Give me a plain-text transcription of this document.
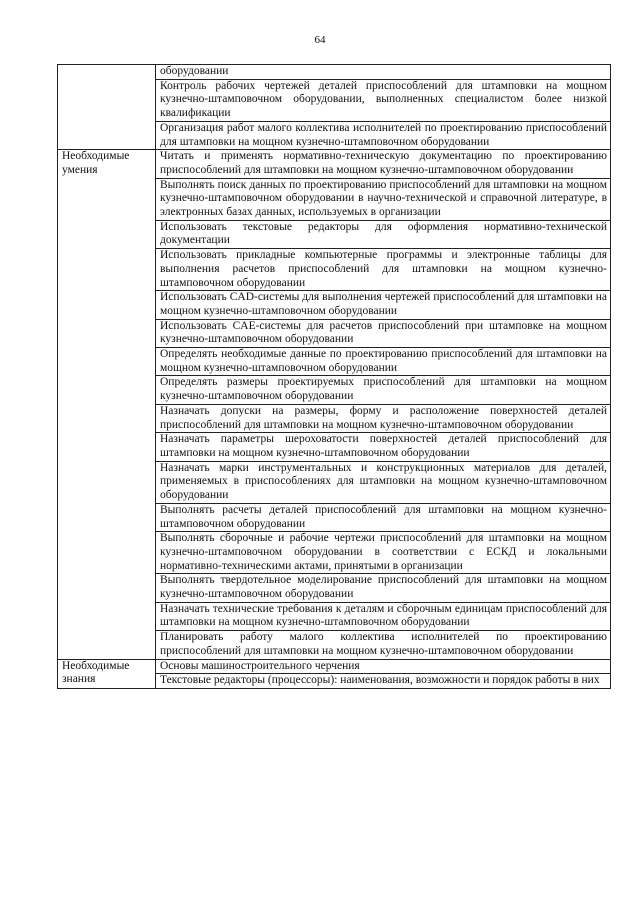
64
	оборудовании
	Контроль рабочих чертежей деталей приспособлений для штамповки на мощном кузнечно-штамповочном оборудовании, выполненных специалистом более низкой квалификации
	Организация работ малого коллектива исполнителей по проектированию приспособлений для штамповки на мощном кузнечно-штамповочном оборудовании
Необходимые умения	Читать и применять нормативно-техническую документацию по проектированию приспособлений для штамповки на мощном кузнечно-штамповочном оборудовании
	Выполнять поиск данных по проектированию приспособлений для штамповки на мощном кузнечно-штамповочном оборудовании в научно-технической и справочной литературе, в электронных базах данных, используемых в организации
	Использовать текстовые редакторы для оформления нормативно-технической документации
	Использовать прикладные компьютерные программы и электронные таблицы для выполнения расчетов приспособлений для штамповки на мощном кузнечно-штамповочном оборудовании
	Использовать CAD-системы для выполнения чертежей приспособлений для штамповки на мощном кузнечно-штамповочном оборудовании
	Использовать CAE-системы для расчетов приспособлений при штамповке на мощном кузнечно-штамповочном оборудовании
	Определять необходимые данные по проектированию приспособлений для штамповки на мощном кузнечно-штамповочном оборудовании
	Определять размеры проектируемых приспособлений для штамповки на мощном кузнечно-штамповочном оборудовании
	Назначать допуски на размеры, форму и расположение поверхностей деталей приспособлений для штамповки на мощном кузнечно-штамповочном оборудовании
	Назначать параметры шероховатости поверхностей деталей приспособлений для штамповки на мощном кузнечно-штамповочном оборудовании
	Назначать марки инструментальных и конструкционных материалов для деталей, применяемых в приспособлениях для штамповки на мощном кузнечно-штамповочном оборудовании
	Выполнять расчеты деталей приспособлений для штамповки на мощном кузнечно-штамповочном оборудовании
	Выполнять сборочные и рабочие чертежи приспособлений для штамповки на мощном кузнечно-штамповочном оборудовании в соответствии с ЕСКД и локальными нормативно-техническими актами, принятыми в организации
	Выполнять твердотельное моделирование приспособлений для штамповки на мощном кузнечно-штамповочном оборудовании
	Назначать технические требования к деталям и сборочным единицам приспособлений для штамповки на мощном кузнечно-штамповочном оборудовании
	Планировать работу малого коллектива исполнителей по проектированию приспособлений для штамповки на мощном кузнечно-штамповочном оборудовании
Необходимые знания	Основы машиностроительного черчения
	Текстовые редакторы (процессоры): наименования, возможности и порядок работы в них
